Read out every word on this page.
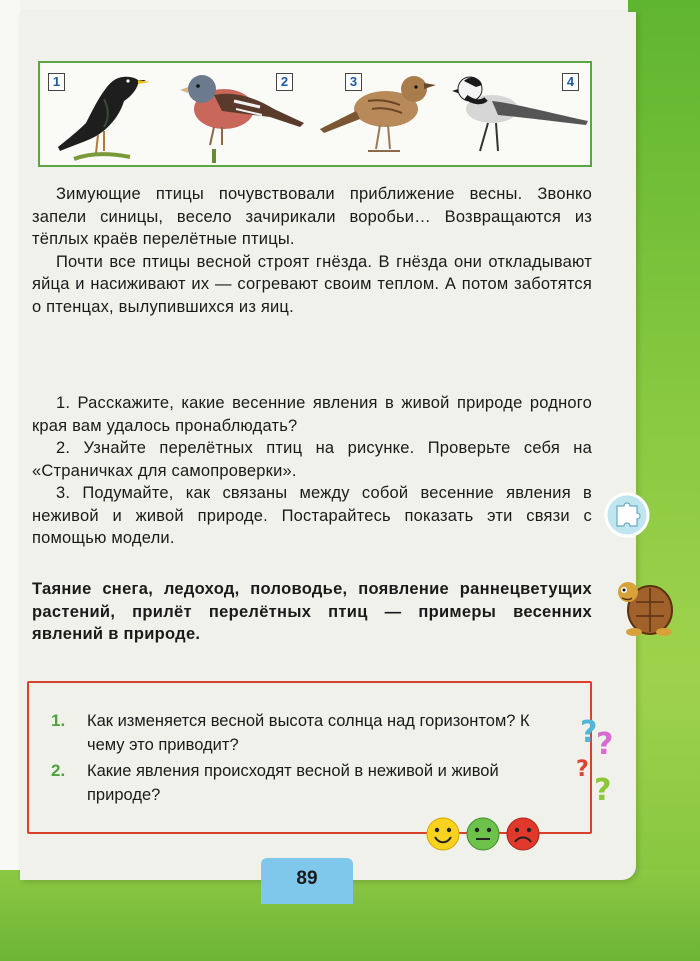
1	2	3	4

Зимующие птицы почувствовали приближение весны. Звонко запели синицы, весело зачирикали воробьи… Возвращаются из тёплых краёв перелётные птицы.

Почти все птицы весной строят гнёзда. В гнёзда они откладывают яйца и насиживают их — согревают своим теплом. А потом заботятся о птенцах, вылупившихся из яиц.

1. Расскажите, какие весенние явления в живой природе родного края вам удалось пронаблюдать?

2. Узнайте перелётных птиц на рисунке. Проверьте себя на «Страничках для самопроверки».

3. Подумайте, как связаны между собой весенние явления в неживой и живой природе. Постарайтесь показать эти связи с помощью модели.

Таяние снега, ледоход, половодье, появление раннецветущих растений, прилёт перелётных птиц — примеры весенних явлений в природе.
1. Как изменяется весной высота солнца над горизонтом? К чему это приводит?
2. Какие явления происходят весной в неживой и живой природе?
?
?
?
?
89
